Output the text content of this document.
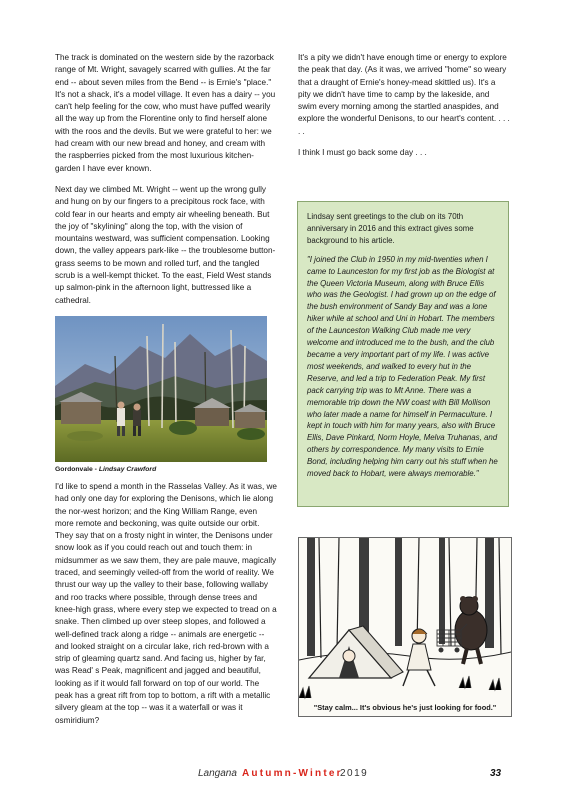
The track is dominated on the western side by the razorback range of Mt. Wright, savagely scarred with gullies. At the far end -- about seven miles from the Bend -- is Ernie's "place." It's not a shack, it's a model village. It even has a dairy -- you can't help feeling for the cow, who must have puffed wearily all the way up from the Florentine only to find herself alone with the roos and the devils. But we were grateful to her: we had cream with our new bread and honey, and cream with the raspberries picked from the most luxurious kitchen-garden I have ever known.

Next day we climbed Mt. Wright -- went up the wrong gully and hung on by our fingers to a precipitous rock face, with cold fear in our hearts and empty air wheeling beneath. But the joy of "skylining" along the top, with the vision of mountains westward, was sufficient compensation. Looking down, the valley appears park-like -- the troublesome button-grass seems to be mown and rolled turf, and the tangled scrub is a well-kempt thicket. To the east, Field West stands up salmon-pink in the afternoon light, buttressed like a cathedral.

Gordonvale - Lindsay Crawford

I'd like to spend a month in the Rasselas Valley. As it was, we had only one day for exploring the Denisons, which lie along the nor-west horizon; and the King William Range, even more remote and beckoning, was quite outside our orbit. They say that on a frosty night in winter, the Denisons under snow look as if you could reach out and touch them: in midsummer as we saw them, they are pale mauve, magically traced, and seemingly veiled-off from the world of reality. We thrust our way up the valley to their base, following wallaby and roo tracks where possible, through dense trees and knee-high grass, where every step we expected to tread on a snake. Then climbed up over steep slopes, and followed a well-defined track along a ridge -- animals are energetic -- and looked straight on a circular lake, rich red-brown with a strip of gleaming quartz sand. And facing us, higher by far, was Read' s Peak, magnificent and jagged and beautiful, looking as if it would fall forward on top of our world. The peak has a great rift from top to bottom, a rift with a metallic silvery gleam at the top -- was it a waterfall or was it osmiridium?

It's a pity we didn't have enough time or energy to explore the peak that day. (As it was, we arrived "home" so weary that a draught of Ernie's honey-mead skittled us). It's a pity we didn't have time to camp by the lakeside, and swim every morning among the startled anaspides, and explore the wonderful Denisons, to our heart's content. . . . . .

I think I must go back some day . . .

Lindsay sent greetings to the club on its 70th anniversary in 2016 and this extract gives some background to his article.

"I joined the Club in 1950 in my mid-twenties when I came to Launceston for my first job as the Biologist at the Queen Victoria Museum, along with Bruce Ellis who was the Geologist. I had grown up on the edge of the bush environment of Sandy Bay and was a lone hiker while at school and Uni in Hobart. The members of the Launceston Walking Club made me very welcome and introduced me to the bush, and the club became a very important part of my life. I was active most weekends, and walked to every hut in the Reserve, and led a trip to Federation Peak. My first pack carrying trip was to Mt Anne. There was a memorable trip down the NW coast with Bill Mollison who later made a name for himself in Permaculture. I kept in touch with him for many years, also with Bruce Ellis, Dave Pinkard, Norm Hoyle, Melva Truhanas, and others by correspondence. My many visits to Ernie Bond, including helping him carry out his stuff when he moved back to Hobart, were always memorable."

"Stay calm... It's obvious he's just looking for food."
Langana Autumn-Winter
2019	33
